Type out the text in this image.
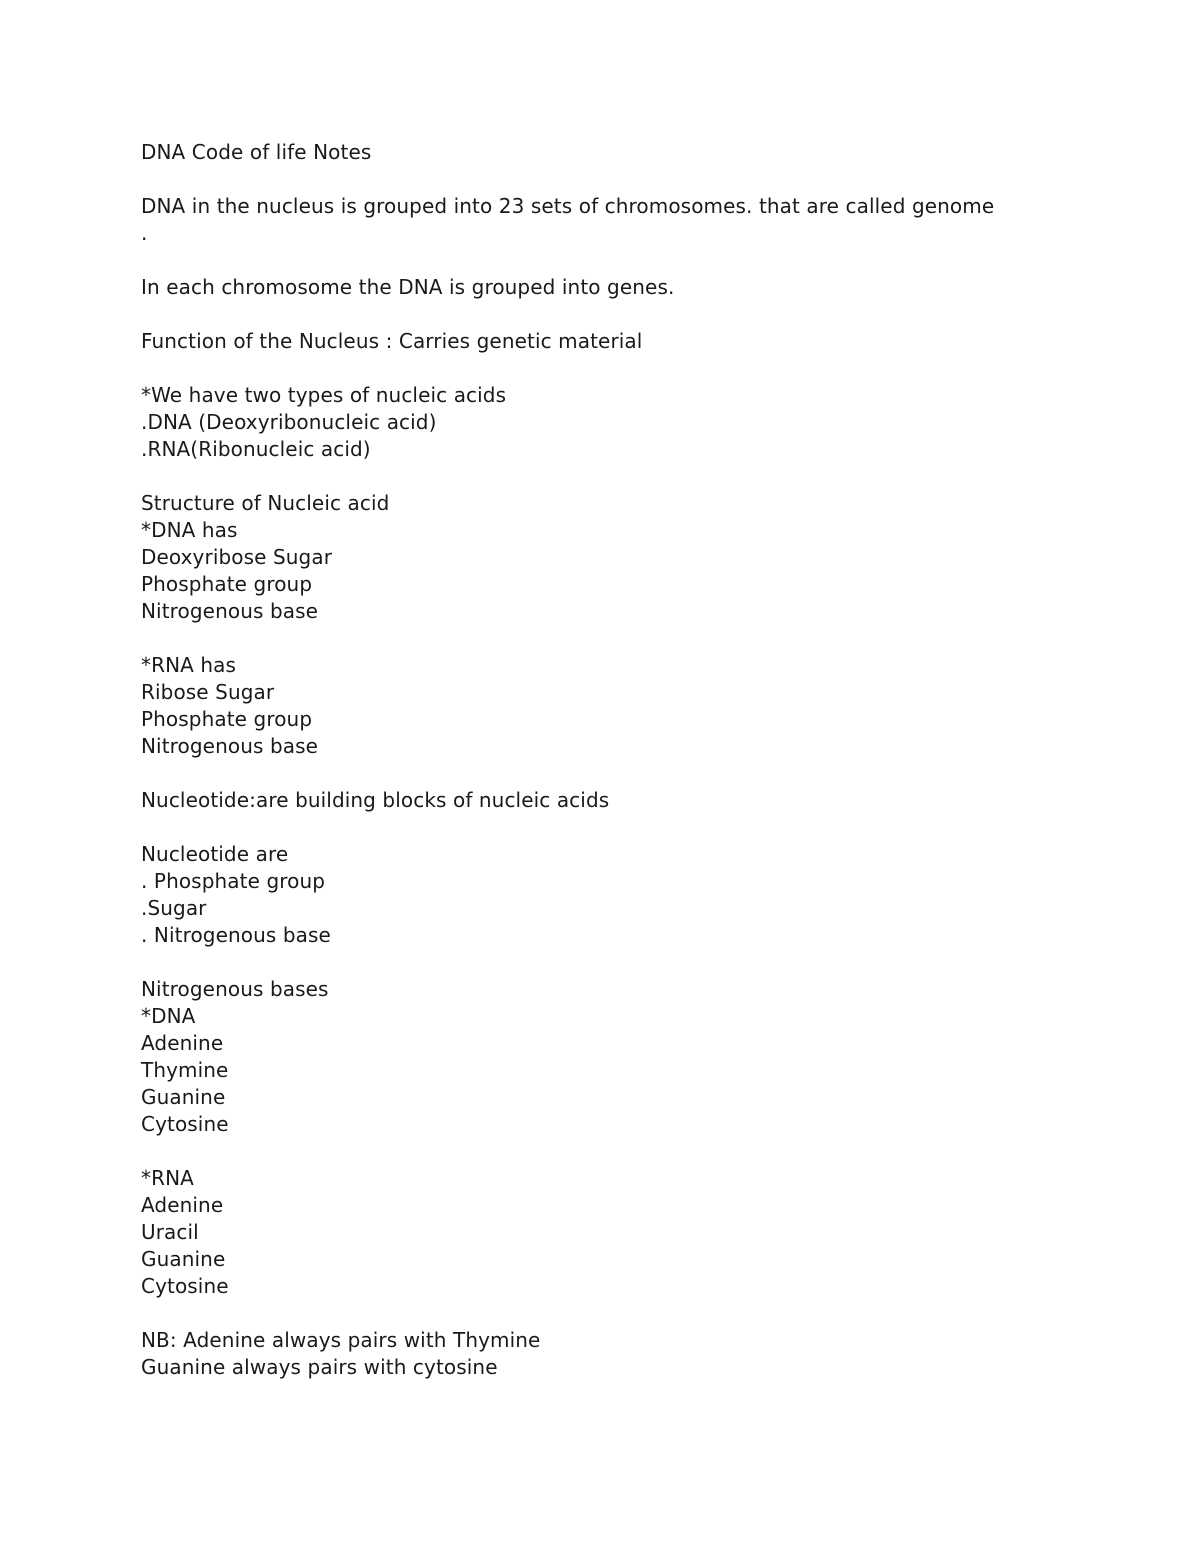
DNA Code of life Notes
DNA in the nucleus is grouped into 23 sets of chromosomes. that are called genome
.
In each chromosome the DNA is grouped into genes.
Function of the Nucleus : Carries genetic material
*We have two types of nucleic acids
.DNA (Deoxyribonucleic acid)
.RNA(Ribonucleic acid)
Structure of Nucleic acid
*DNA has
Deoxyribose Sugar
Phosphate group
Nitrogenous base
*RNA has
Ribose Sugar
Phosphate group
Nitrogenous base
Nucleotide:are building blocks of nucleic acids
Nucleotide are
. Phosphate group
.Sugar
. Nitrogenous base
Nitrogenous bases
*DNA
Adenine
Thymine
Guanine
Cytosine
*RNA
Adenine
Uracil
Guanine
Cytosine
NB: Adenine always pairs with Thymine
Guanine always pairs with cytosine
